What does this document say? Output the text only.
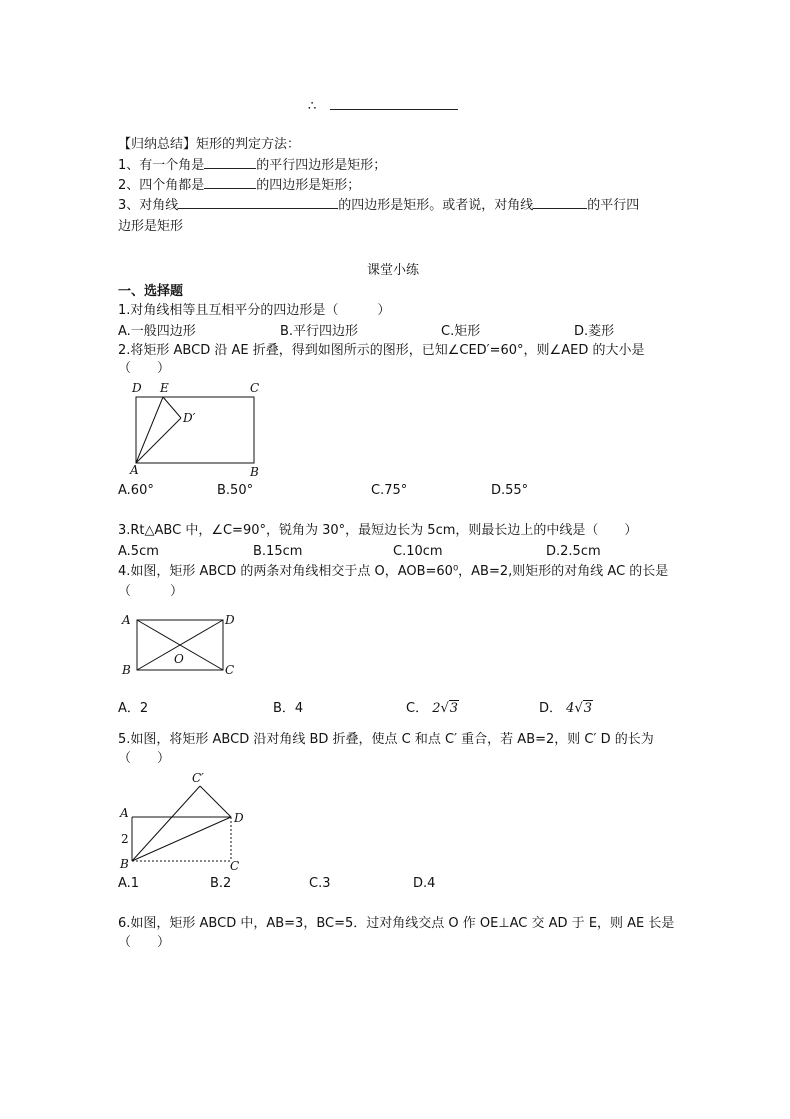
∴
【归纳总结】矩形的判定方法：
1、有一个角是	的平行四边形是矩形；
2、四个角都是	的四边形是矩形；
3、对角线	的四边形是矩形。或者说，对角线	的平行四
边形是矩形
课堂小练
一、选择题
1.对角线相等且互相平分的四边形是（　　　）
A.一般四边形	B.平行四边形	C.矩形	D.菱形
2.将矩形 ABCD 沿 AE 折叠，得到如图所示的图形，已知∠CED′=60°，则∠AED 的大小是
（　　）
D E	C
D′
A	B
A.60°	B.50°	C.75°	D.55°
3.Rt△ABC 中，∠C=90°，锐角为 30°，最短边长为 5cm，则最长边上的中线是（　　）
A.5cm	B.15cm	C.10cm	D.2.5cm
4.如图，矩形 ABCD 的两条对角线相交于点 O，AOB=60⁰，AB=2,则矩形的对角线 AC 的长是
（　　　）
A	D
B	C
O
A．2	B．4	C． 2√3	D． 4√3
5.如图，将矩形 ABCD 沿对角线 BD 折叠，使点 C 和点 C′ 重合，若 AB=2，则 C′ D 的长为
（　　）
C′
A	D
2
B	C
A.1	B.2	C.3	D.4
6.如图，矩形 ABCD 中，AB=3，BC=5．过对角线交点 O 作 OE⊥AC 交 AD 于 E，则 AE 长是
（　　）
